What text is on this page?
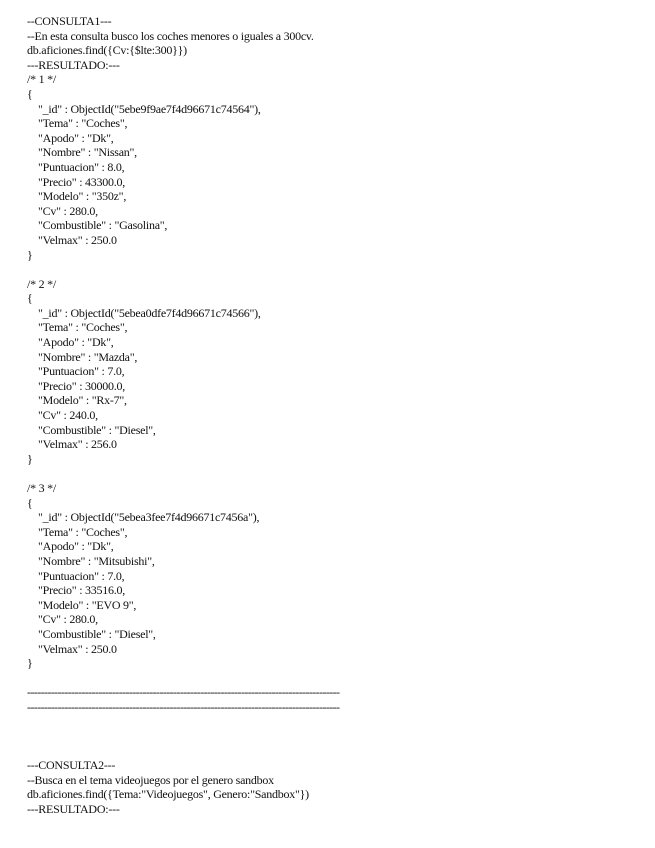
--CONSULTA1---
--En esta consulta busco los coches menores o iguales a 300cv.
db.aficiones.find({Cv:{$lte:300}})
---RESULTADO:---
/* 1 */
{
"_id" : ObjectId("5ebe9f9ae7f4d96671c74564"),
"Tema" : "Coches",
"Apodo" : "Dk",
"Nombre" : "Nissan",
"Puntuacion" : 8.0,
"Precio" : 43300.0,
"Modelo" : "350z",
"Cv" : 280.0,
"Combustible" : "Gasolina",
"Velmax" : 250.0
}
/* 2 */
{
"_id" : ObjectId("5ebea0dfe7f4d96671c74566"),
"Tema" : "Coches",
"Apodo" : "Dk",
"Nombre" : "Mazda",
"Puntuacion" : 7.0,
"Precio" : 30000.0,
"Modelo" : "Rx-7",
"Cv" : 240.0,
"Combustible" : "Diesel",
"Velmax" : 256.0
}
/* 3 */
{
"_id" : ObjectId("5ebea3fee7f4d96671c7456a"),
"Tema" : "Coches",
"Apodo" : "Dk",
"Nombre" : "Mitsubishi",
"Puntuacion" : 7.0,
"Precio" : 33516.0,
"Modelo" : "EVO 9",
"Cv" : 280.0,
"Combustible" : "Diesel",
"Velmax" : 250.0
}
--------------------------------------------------------------------------------------------
--------------------------------------------------------------------------------------------
---CONSULTA2---
--Busca en el tema videojuegos por el genero sandbox
db.aficiones.find({Tema:"Videojuegos", Genero:"Sandbox"})
---RESULTADO:---
